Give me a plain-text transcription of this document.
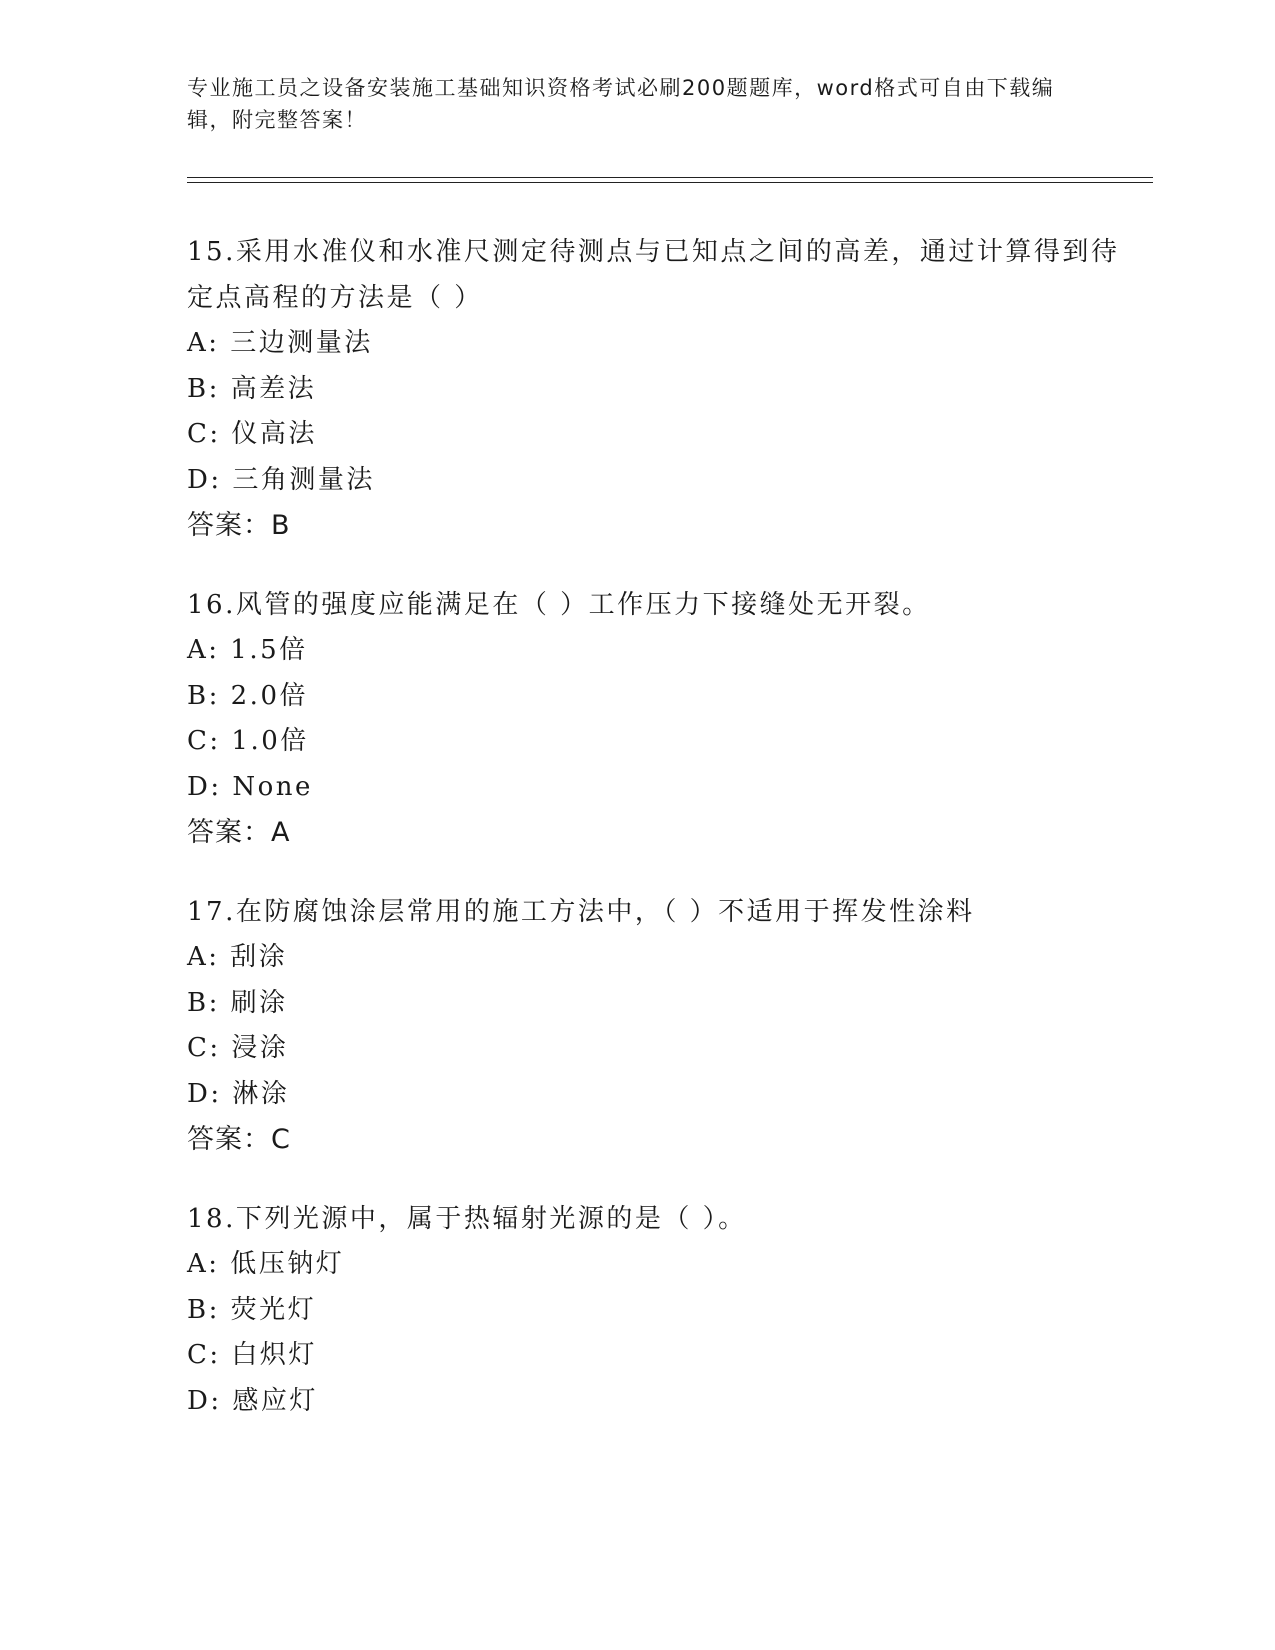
专业施工员之设备安装施工基础知识资格考试必刷200题题库，word格式可自由下载编辑，附完整答案！

15.采用水准仪和水准尺测定待测点与已知点之间的高差，通过计算得到待定点高程的方法是（ ）

A: 三边测量法

B: 高差法

C: 仪高法

D: 三角测量法

答案：B

16.风管的强度应能满足在（ ）工作压力下接缝处无开裂。

A: 1.5倍

B: 2.0倍

C: 1.0倍

D: None

答案：A

17.在防腐蚀涂层常用的施工方法中，（ ）不适用于挥发性涂料

A: 刮涂

B: 刷涂

C: 浸涂

D: 淋涂

答案：C

18.下列光源中，属于热辐射光源的是（ ）。

A: 低压钠灯

B: 荧光灯

C: 白炽灯

D: 感应灯
